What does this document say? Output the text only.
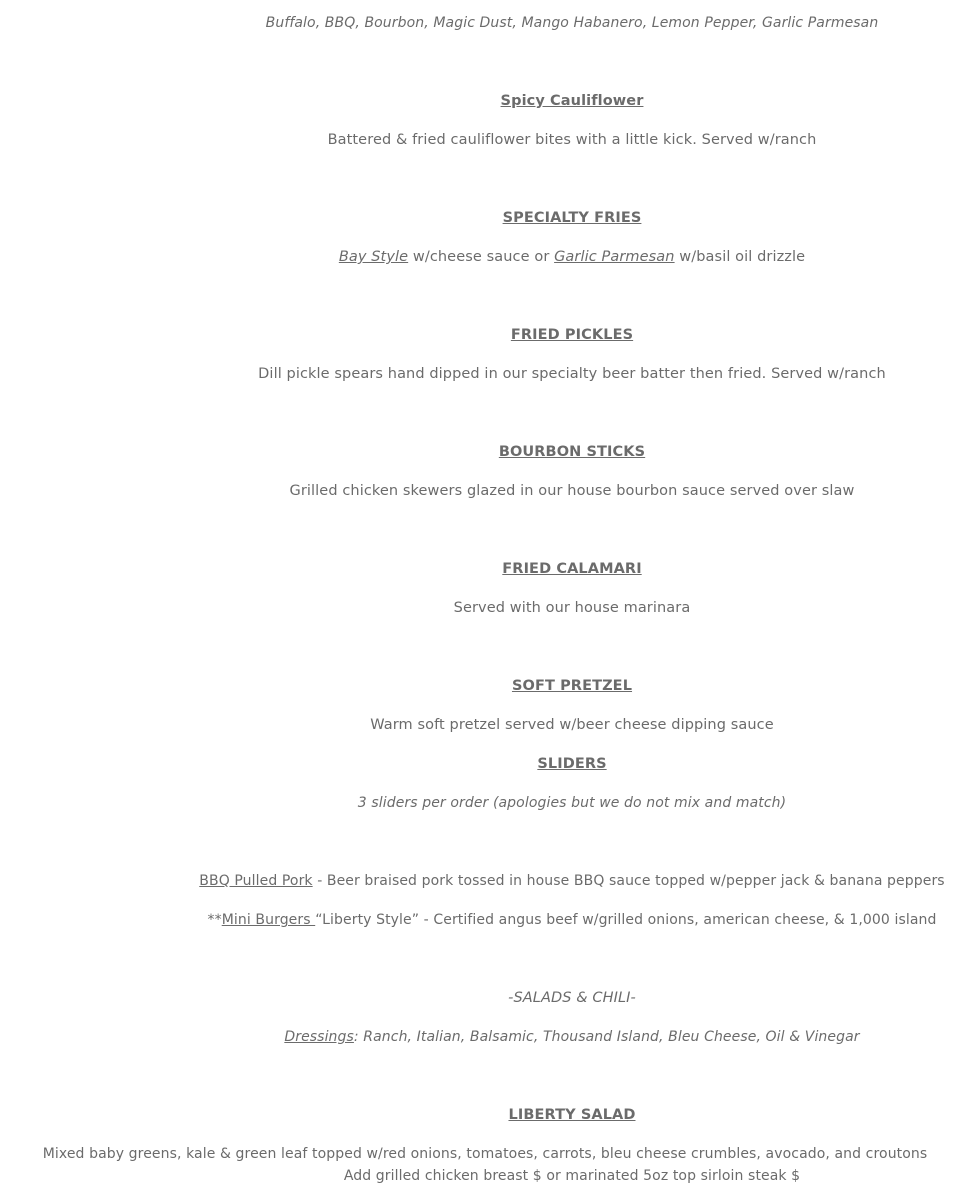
Buffalo, BBQ, Bourbon, Magic Dust, Mango Habanero, Lemon Pepper, Garlic Parmesan
Spicy Cauliflower
Battered & fried cauliflower bites with a little kick. Served w/ranch
SPECIALTY FRIES
Bay Style w/cheese sauce or Garlic Parmesan w/basil oil drizzle
FRIED PICKLES
Dill pickle spears hand dipped in our specialty beer batter then fried. Served w/ranch
BOURBON STICKS
Grilled chicken skewers glazed in our house bourbon sauce served over slaw
FRIED CALAMARI
Served with our house marinara
SOFT PRETZEL
Warm soft pretzel served w/beer cheese dipping sauce
SLIDERS
3 sliders per order (apologies but we do not mix and match)
BBQ Pulled Pork - Beer braised pork tossed in house BBQ sauce topped w/pepper jack & banana peppers
**Mini Burgers “Liberty Style” - Certified angus beef w/grilled onions, american cheese, & 1,000 island
-SALADS & CHILI-
Dressings: Ranch, Italian, Balsamic, Thousand Island, Bleu Cheese, Oil & Vinegar
LIBERTY SALAD
Mixed baby greens, kale & green leaf topped w/red onions, tomatoes, carrots, bleu cheese crumbles, avocado, and croutons
Add grilled chicken breast $ or marinated 5oz top sirloin steak $
